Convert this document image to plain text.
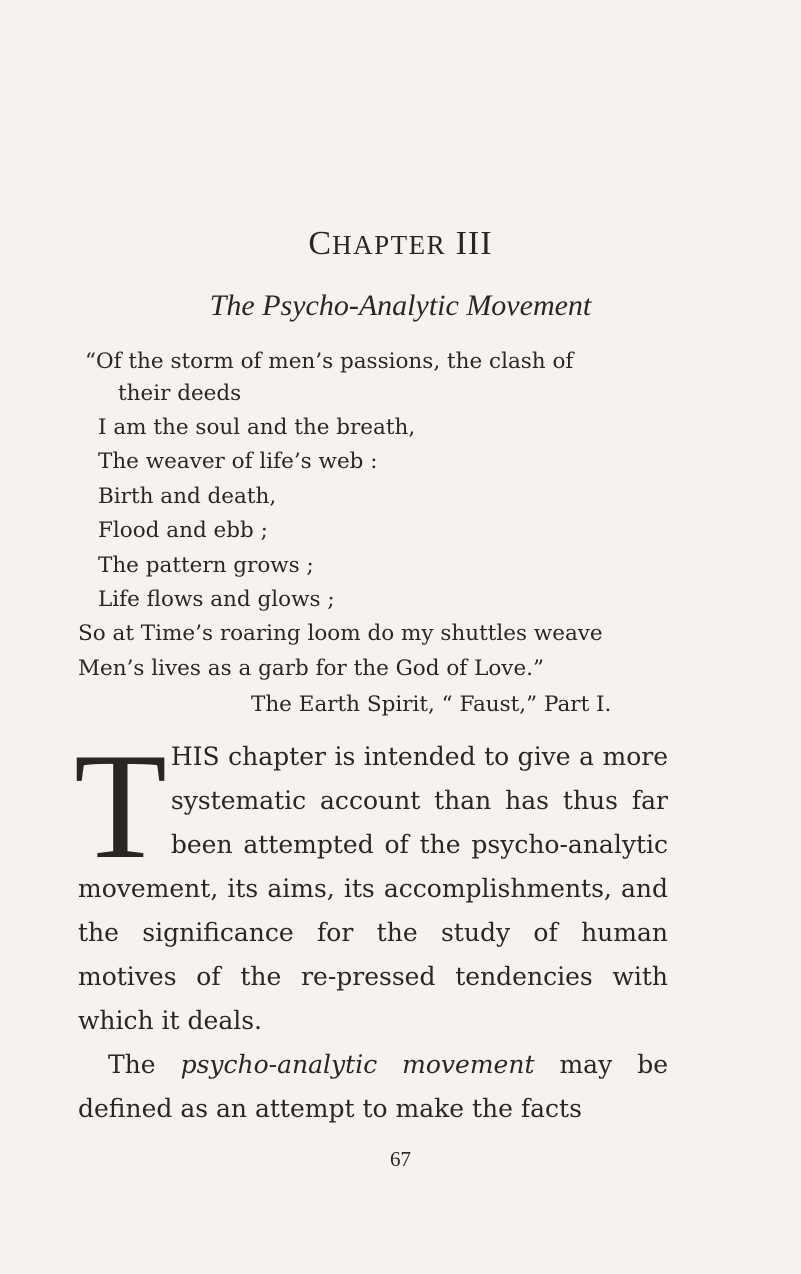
CHAPTER III
The Psycho-Analytic Movement
“Of the storm of men’s passions, the clash of
their deeds
I am the soul and the breath,
The weaver of life’s web :
Birth and death,
Flood and ebb ;
The pattern grows ;
Life flows and glows ;
So at Time’s roaring loom do my shuttles weave
Men’s lives as a garb for the God of Love.”

The Earth Spirit, “ Faust,” Part I.

THIS chapter is intended to give a more systematic account than has thus far been attempted of the psycho-analytic movement, its aims, its accomplishments, and the significance for the study of human motives of the re-pressed tendencies with which it deals.

The psycho-analytic movement may be defined as an attempt to make the facts

67
